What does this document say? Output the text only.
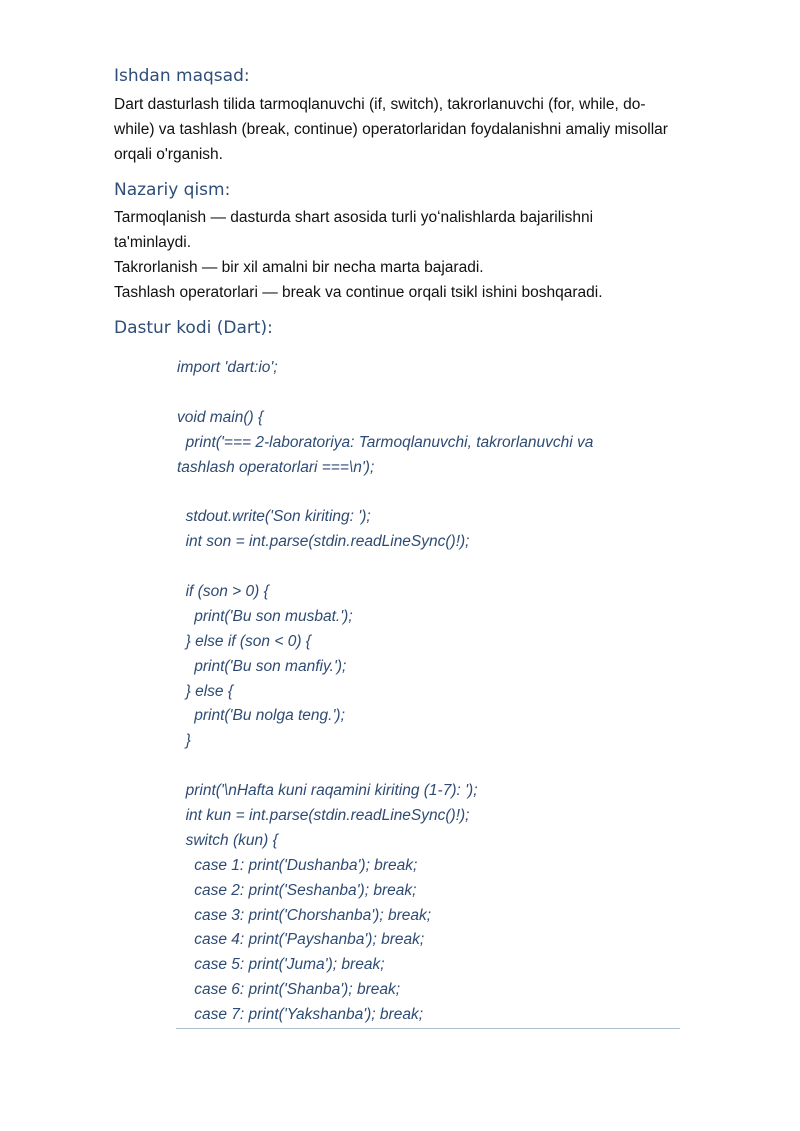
Ishdan maqsad:
Dart dasturlash tilida tarmoqlanuvchi (if, switch), takrorlanuvchi (for, while, do-
while) va tashlash (break, continue) operatorlaridan foydalanishni amaliy misollar
orqali o'rganish.
Nazariy qism:
Tarmoqlanish — dasturda shart asosida turli yoʻnalishlarda bajarilishni
ta'minlaydi.
Takrorlanish — bir xil amalni bir necha marta bajaradi.
Tashlash operatorlari — break va continue orqali tsikl ishini boshqaradi.
Dastur kodi (Dart):
import 'dart:io';
void main() {
print('=== 2-laboratoriya: Tarmoqlanuvchi, takrorlanuvchi va
tashlash operatorlari ===\n');
stdout.write('Son kiriting: ');
int son = int.parse(stdin.readLineSync()!);
if (son > 0) {
print('Bu son musbat.');
} else if (son < 0) {
print('Bu son manfiy.');
} else {
print('Bu nolga teng.');
}
print('\nHafta kuni raqamini kiriting (1-7): ');
int kun = int.parse(stdin.readLineSync()!);
switch (kun) {
case 1: print('Dushanba'); break;
case 2: print('Seshanba'); break;
case 3: print('Chorshanba'); break;
case 4: print('Payshanba'); break;
case 5: print('Juma'); break;
case 6: print('Shanba'); break;
case 7: print('Yakshanba'); break;
